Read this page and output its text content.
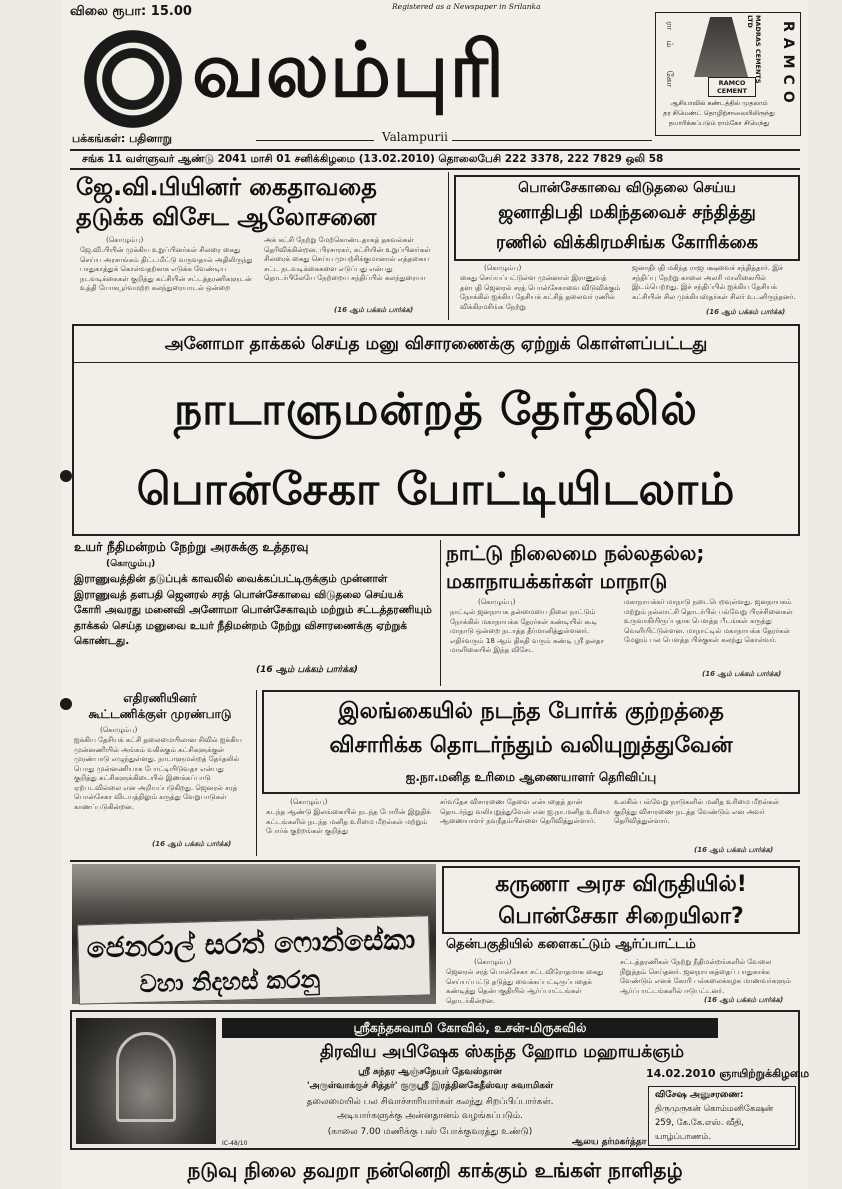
விலை ரூபா: 15.00	Registered as a Newspaper in Srilanka
வலம்புரி	MADRAS CEMENTS LTD	RAMCO
ராம் கோ	RAMCO CEMENT
ஆசியாவில் கண்டத்தில் முதலாம்
தர சிமெண்ட் தொழிற்சாலையிலிருந்து
தயாரிக்கப்படும் ராம்கோ சிமெந்து
பக்கங்கள்: பதினாறு	Valampurii
சங்க 11 வள்ளுவர் ஆண்டு 2041 மாசி 01 சனிக்கிழமை (13.02.2010) தொலைபேசி 222 3378, 222 7829 ஒலி 58
ஜே.வி.பியினர் கைதாவதை
தடுக்க விசேட ஆலோசனை
(கொழும்பு)
ஜே.வி.பியின் முக்கிய உறுப்பினர்கள் சிலரை கைது செய்ய அரசாங்கம் திட்டமிட்டு வருவதால் அதிலிருந்து பாதுகாத்துக் கொள்வதற்காக எடுக்க வேண்டிய நடவடிக்கைகள் குறித்து கட்சியின் சட்டத்தரணிகளுடன் உத்தி யோகபூர்வமற்ற கலந்துரையாடல் ஒன்றை
அக் கட்சி நேற்று மேற்கொண்டதாகத் தகவல்கள் தெரிவிக்கின்றன. பிரசாரகர், கட்சியின் உறுப்பினர்கள் சிலரைக் கைது செய்ய முயற்சிக்குமானால் எத்தகைய சட்ட நடவடிக்கைகளை எடுப்பது என்பது தொடர்பிலேயே நேற்றைய சந்திப்பில் கலந்துரையா
(16 ஆம் பக்கம் பார்க்க)
பொன்சேகாவை விடுதலை செய்ய
ஜனாதிபதி மகிந்தவைச் சந்தித்து
ரணில் விக்கிரமசிங்க கோரிக்கை
(கொழும்பு)
கைது செய்யப்பட்டுள்ள முன்னாள் இராணுவத் தளபதி ஜெனரல் சரத் பொன்சேகாவை விடுவிக்கும் நோக்கில் ஐக்கிய தேசியக் கட்சித் தலைவர் ரணில் விக்கிரமசிங்க நேற்று
ஜனாதிபதி மகிந்த ராஜபக்ஷவைச் சந்தித்தார். இச் சந்திப்பு நேற்று காலை அலரி மாளிகையில் இடம்பெற்றது. இச் சந்திப்பில் ஐக்கிய தேசியக் கட்சியின் சில முக்கியஸ்தர்கள் சிலர் உடனிருந்தனர்.
(16 ஆம் பக்கம் பார்க்க)
அனோமா தாக்கல் செய்த மனு விசாரணைக்கு ஏற்றுக் கொள்ளப்பட்டது
நாடாளுமன்றத் தேர்தலில்
பொன்சேகா போட்டியிடலாம்
உயர் நீதிமன்றம் நேற்று அரசுக்கு உத்தரவு
(கொழும்பு)
இராணுவத்தின் தடுப்புக் காவலில் வைக்கப்பட்டிருக்கும் முன்னாள் இராணுவத் தளபதி ஜெனரல் சரத் பொன்சேகாவை விடுதலை செய்யக் கோரி அவரது மனைவி அனோமா பொன்சேகாவும் மற்றும் சட்டத்தரணியும் தாக்கல் செய்த மனுவை உயர் நீதிமன்றம் நேற்று விசாரணைக்கு ஏற்றுக் கொண்டது.
(16 ஆம் பக்கம் பார்க்க)
நாட்டு நிலைமை நல்லதல்ல;
மகாநாயக்கர்கள் மாநாடு
(கொழும்பு)
நாட்டில் ஜனநாயக தன்மையை நிலை நாட்டும் நோக்கில் மகாநாயக்க தேரர்கள் கண்டியில் கூடி மாநாடு ஒன்றை நடாத்த தீர்மானித்துள்ளனர். எதிர்வரும் 18 ஆம் திகதி வரும் கண்டி ஸ்ரீ தலதா மாளிகையில் இந்த விசேட
மகாநாயக்கர் மாநாடு நடைபெறவுள்ளது. ஜனநாயகம் மற்றும் நல்லாட்சி தொடர்பில் பல்வேறு பிரச்சினைகள் உருவாகியிருப்பதாக பௌத்த பீடங்கள் கருத்து வெளியிட்டுள்ளன. மாநாட்டில் மகாநாயக்க தேரர்கள் மேலும் பல பௌத்த பிக்குகள் கலந்து கொள்வர்.
(16 ஆம் பக்கம் பார்க்க)
எதிரணியினர்
கூட்டணிக்குள் முரண்பாடு
(கொழும்பு)
ஐக்கிய தேசியக் கட்சி தலைமையிலான சிவில் ஐக்கிய முன்னணியில் அங்கம் வகிக்கும் கட்சிகளுக்குள் முரண்பாடு எழுந்துள்ளது. நாடாளுமன்றத் தேர்தலில் பொது முன்னணியாக போட்டியிடுவதா என்பது குறித்து கட்சிகளுக்கிடையில் இணக்கப்பாடு ஏற்படவில்லை என அறியப்படுகிறது. ஜெனரல் சரத் பொன்சேகா விடயத்திலும் கருத்து வேறுபாடுகள் காணப்படுகின்றன.
(16 ஆம் பக்கம் பார்க்க)
இலங்கையில் நடந்த போர்க் குற்றத்தை
விசாரிக்க தொடர்ந்தும் வலியுறுத்துவேன்
ஐ.நா.மனித உரிமை ஆணையாளர் தெரிவிப்பு
(கொழும்பு)
கடந்த ஆண்டு இலங்கையில் நடந்த போரின் இறுதிக் கட்டங்களில் நடந்த மனித உரிமை மீறல்கள் மற்றும் போர்க் குற்றங்கள் குறித்து
சர்வதேச விசாரணை தேவை என்பதைத் தான் தொடர்ந்து வலியுறுத்துவேன் என ஐ.நா.மனித உரிமை ஆணையாளர் நவநீதம்பிள்ளை தெரிவித்துள்ளார்.
உலகில் பல்வேறு நாடுகளில் மனித உரிமை மீறல்கள் குறித்து விசாரணை நடத்த வேண்டும் என அவர் தெரிவித்துள்ளார்.
(16 ஆம் பக்கம் பார்க்க)
ජෙනරාල් සරත් ෆොන්සේකා
වහා නිදහස් කරනු
கருணா அரச விருதியில்!
பொன்சேகா சிறையிலா?
தென்பகுதியில் களைகட்டும் ஆர்ப்பாட்டம்
(கொழும்பு)
ஜெனரல் சரத் பொன்சேகா சட்டவிரோதமாக கைது செய்யப்பட்டு தடுத்து வைக்கப்பட்டிருப்பதைக் கண்டித்து தென்பகுதியில் ஆர்ப்பாட்டங்கள் தொடர்கின்றன.
சட்டத்தரணிகள் நேற்று நீதிமன்றங்களில் வேலை நிறுத்தம் செய்தனர். ஜனநாயகத்தைப் பாதுகாக்க வேண்டும் எனக் கோரி பல்கலைக்கழக மாணவர்களும் ஆர்ப்பாட்டங்களில் ஈடுபட்டனர்.
(16 ஆம் பக்கம் பார்க்க)
ஸ்ரீகந்தசுவாமி கோவில், உசன்-மிருசுவில்
திரவிய அபிஷேக ஸ்கந்த ஹோம மஹாயக்ஞம்
ஸ்ரீ சுந்தர ஆஞ்சநேயர் தேவஸ்தான
'அருள்வாக்குச் சித்தர்' குருஸ்ரீ இரத்தினகேதீஸ்வர சுவாமிகள்
தலைமையில் பல சிவாச்சாரியார்கள் கலந்து சிறப்பிப்பார்கள்.
அடியார்களுக்கு அன்னதானம் வழங்கப்படும்.
(காலை 7.00 மணிக்கு பஸ் போக்குவரத்து உண்டு)
IC-48/10	ஆலய தர்மகர்த்தா
14.02.2010 ஞாயிற்றுக்கிழமை
விசேஷ அனுசரணை:
திருமுருகன் கொம்மனிகேஷன்
259, கே.கே.எஸ். வீதி,
யாழ்ப்பாணம்.
நடுவு நிலை தவறா நன்னெறி காக்கும் உங்கள் நாளிதழ்
